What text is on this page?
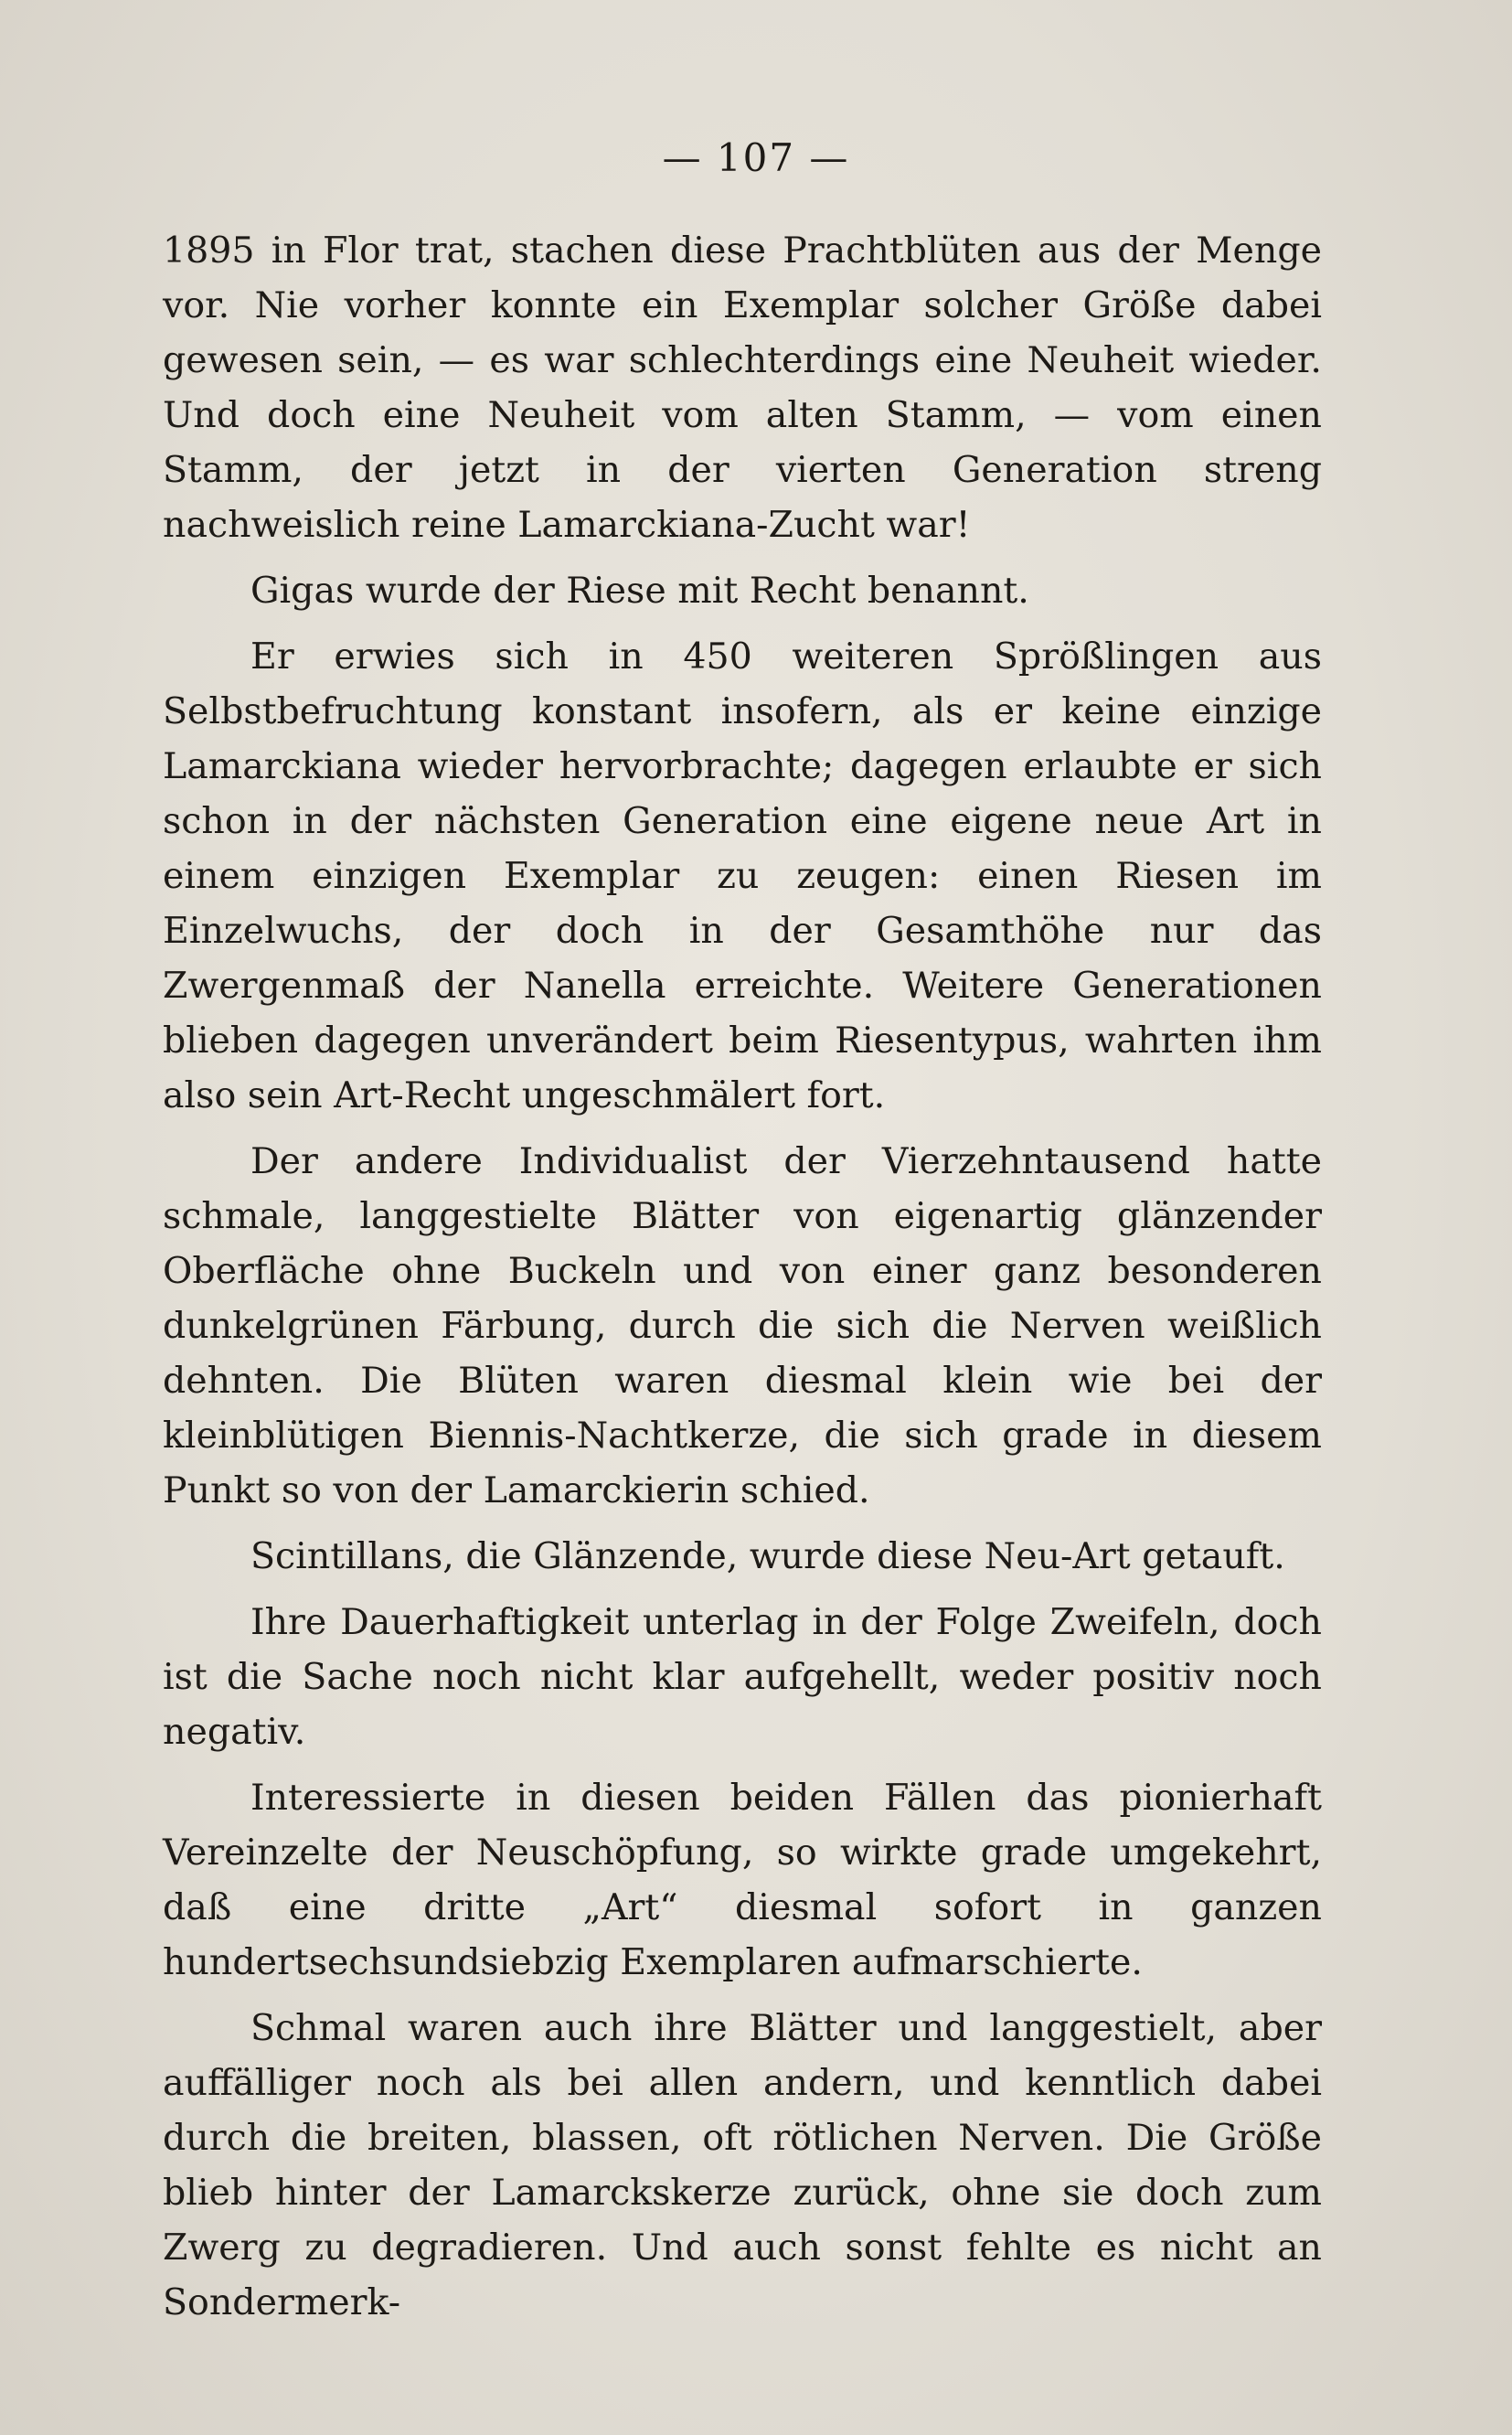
— 107 —

1895 in Flor trat, stachen diese Prachtblüten aus der Menge vor. Nie vorher konnte ein Exemplar solcher Größe dabei gewesen sein, — es war schlechterdings eine Neuheit wieder. Und doch eine Neuheit vom alten Stamm, — vom einen Stamm, der jetzt in der vierten Generation streng nachweislich reine Lamarckiana-Zucht war!

Gigas wurde der Riese mit Recht benannt.

Er erwies sich in 450 weiteren Sprößlingen aus Selbstbefruchtung konstant insofern, als er keine einzige Lamarckiana wieder hervorbrachte; dagegen erlaubte er sich schon in der nächsten Generation eine eigene neue Art in einem einzigen Exemplar zu zeugen: einen Riesen im Einzelwuchs, der doch in der Gesamthöhe nur das Zwergenmaß der Nanella erreichte. Weitere Generationen blieben dagegen unverändert beim Riesentypus, wahrten ihm also sein Art-Recht ungeschmälert fort.

Der andere Individualist der Vierzehntausend hatte schmale, langgestielte Blätter von eigenartig glänzender Oberfläche ohne Buckeln und von einer ganz besonderen dunkelgrünen Färbung, durch die sich die Nerven weißlich dehnten. Die Blüten waren diesmal klein wie bei der kleinblütigen Biennis-Nachtkerze, die sich grade in diesem Punkt so von der Lamarckierin schied.

Scintillans, die Glänzende, wurde diese Neu-Art getauft.

Ihre Dauerhaftigkeit unterlag in der Folge Zweifeln, doch ist die Sache noch nicht klar aufgehellt, weder positiv noch negativ.

Interessierte in diesen beiden Fällen das pionierhaft Vereinzelte der Neuschöpfung, so wirkte grade umgekehrt, daß eine dritte „Art“ diesmal sofort in ganzen hundertsechsundsiebzig Exemplaren aufmarschierte.

Schmal waren auch ihre Blätter und langgestielt, aber auffälliger noch als bei allen andern, und kenntlich dabei durch die breiten, blassen, oft rötlichen Nerven. Die Größe blieb hinter der Lamarckskerze zurück, ohne sie doch zum Zwerg zu degradieren. Und auch sonst fehlte es nicht an Sondermerk-
